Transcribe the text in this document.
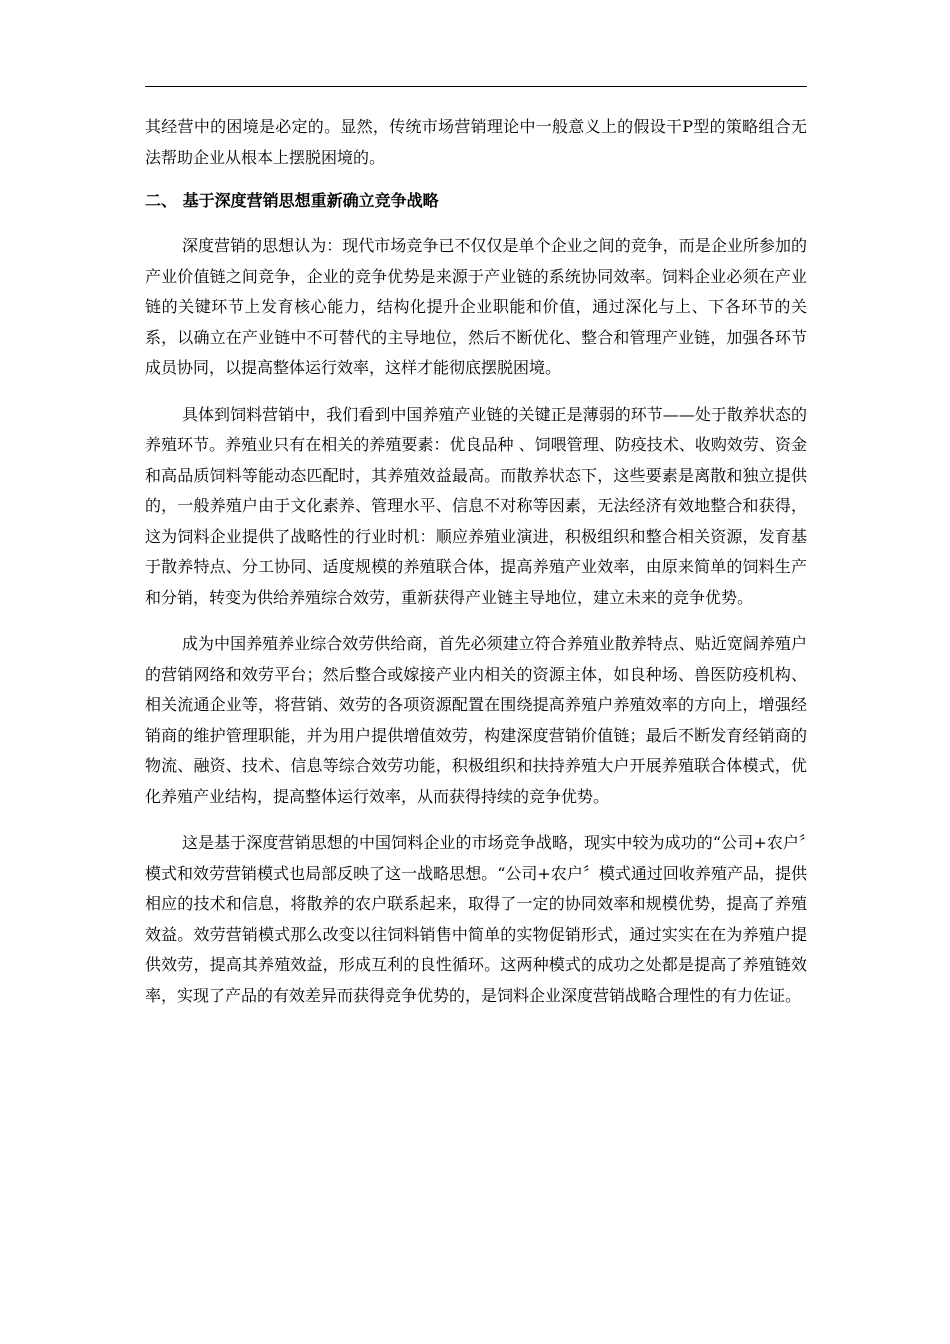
其经营中的困境是必定的。显然，传统市场营销理论中一般意义上的假设干P型的策略组合无法帮助企业从根本上摆脱困境的。

二、 基于深度营销思想重新确立竞争战略

深度营销的思想认为：现代市场竞争已不仅仅是单个企业之间的竞争，而是企业所参加的产业价值链之间竞争，企业的竞争优势是来源于产业链的系统协同效率。饲料企业必须在产业链的关键环节上发育核心能力，结构化提升企业职能和价值，通过深化与上、下各环节的关系，以确立在产业链中不可替代的主导地位，然后不断优化、整合和管理产业链，加强各环节成员协同，以提高整体运行效率，这样才能彻底摆脱困境。

具体到饲料营销中，我们看到中国养殖产业链的关键正是薄弱的环节——处于散养状态的养殖环节。养殖业只有在相关的养殖要素：优良品种 、饲喂管理、防疫技术、收购效劳、资金和高品质饲料等能动态匹配时，其养殖效益最高。而散养状态下，这些要素是离散和独立提供的，一般养殖户由于文化素养、管理水平、信息不对称等因素，无法经济有效地整合和获得，这为饲料企业提供了战略性的行业时机：顺应养殖业演进，积极组织和整合相关资源，发育基于散养特点、分工协同、适度规模的养殖联合体，提高养殖产业效率，由原来简单的饲料生产和分销，转变为供给养殖综合效劳，重新获得产业链主导地位，建立未来的竞争优势。

成为中国养殖养业综合效劳供给商，首先必须建立符合养殖业散养特点、贴近宽阔养殖户的营销网络和效劳平台；然后整合或嫁接产业内相关的资源主体，如良种场、兽医防疫机构、相关流通企业等，将营销、效劳的各项资源配置在围绕提高养殖户养殖效率的方向上，增强经销商的维护管理职能，并为用户提供增值效劳，构建深度营销价值链；最后不断发育经销商的物流、融资、技术、信息等综合效劳功能，积极组织和扶持养殖大户开展养殖联合体模式，优化养殖产业结构，提高整体运行效率，从而获得持续的竞争优势。

这是基于深度营销思想的中国饲料企业的市场竞争战略，现实中较为成功的“公司+农户〞模式和效劳营销模式也局部反映了这一战略思想。“公司+农户〞模式通过回收养殖产品，提供相应的技术和信息，将散养的农户联系起来，取得了一定的协同效率和规模优势，提高了养殖效益。效劳营销模式那么改变以往饲料销售中简单的实物促销形式，通过实实在在为养殖户提供效劳，提高其养殖效益，形成互利的良性循环。这两种模式的成功之处都是提高了养殖链效率，实现了产品的有效差异而获得竞争优势的，是饲料企业深度营销战略合理性的有力佐证。
